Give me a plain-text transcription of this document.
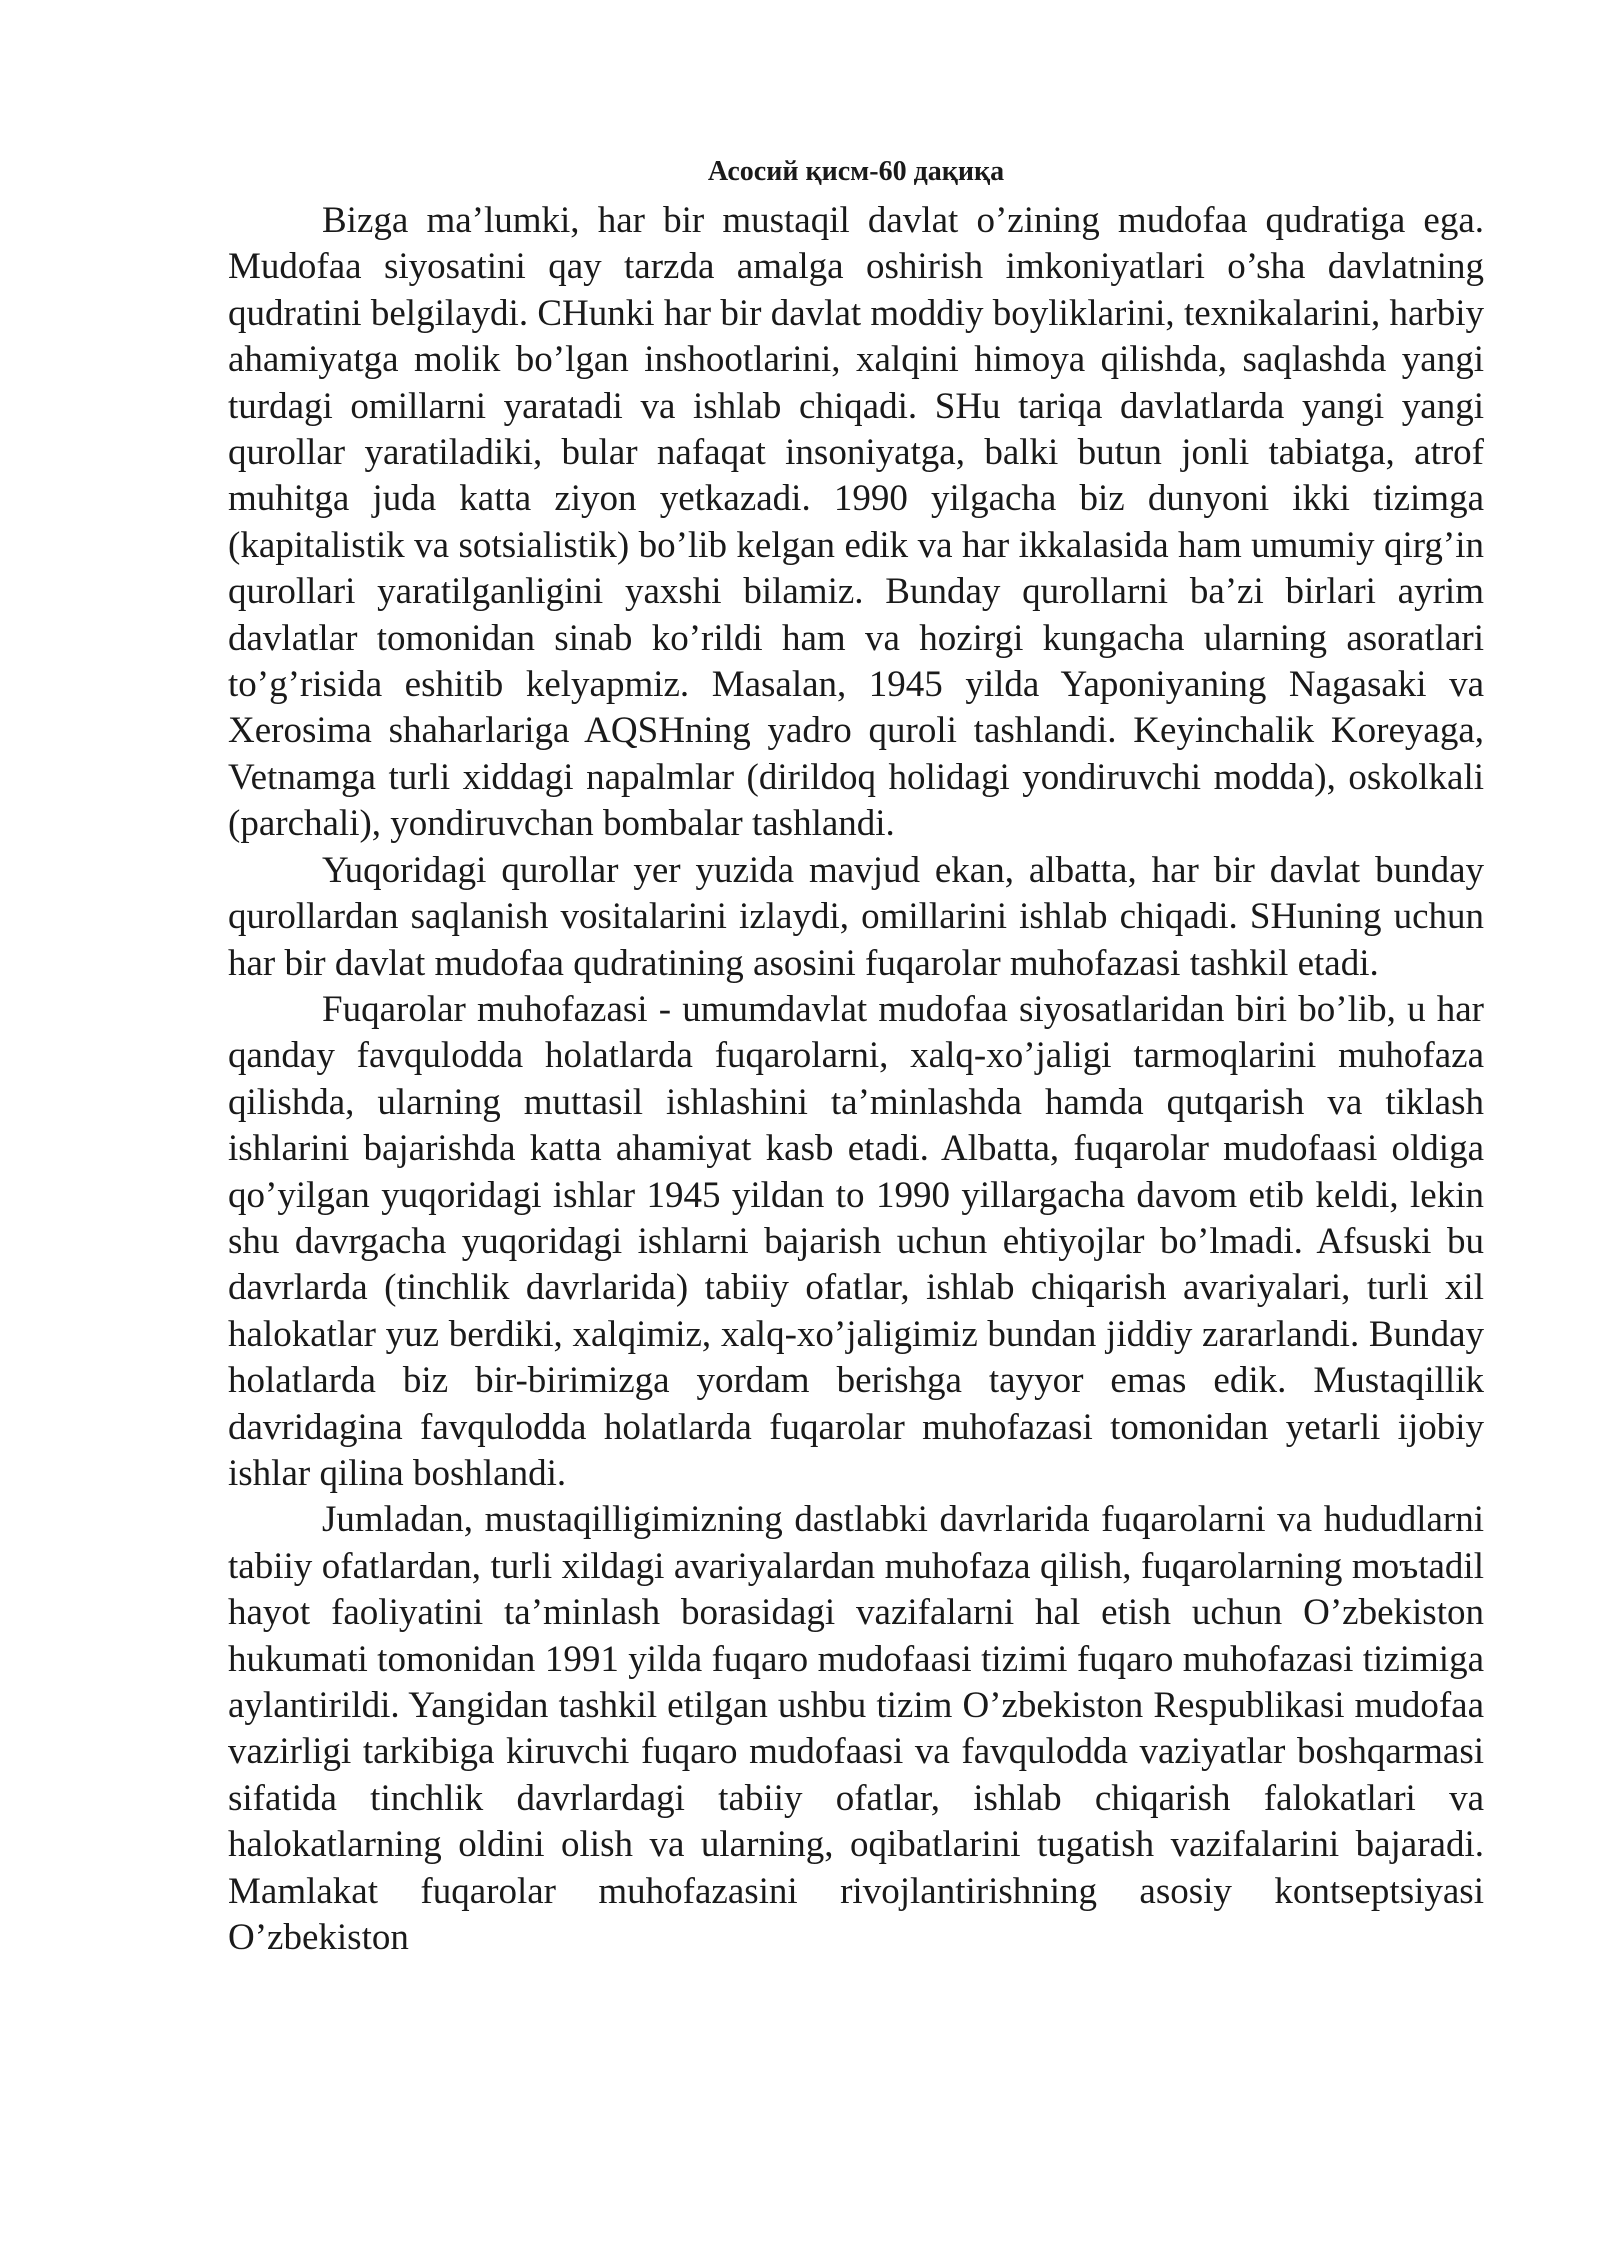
Асосий қисм-60 дақиқа

Bizga ma’lumki, har bir mustaqil davlat o’zining mudofaa qudratiga ega. Mudofaa siyosatini qay tarzda amalga oshirish imkoniyatlari o’sha davlatning qudratini belgilaydi. CHunki har bir davlat moddiy boyliklarini, texnikalarini, harbiy ahamiyatga molik bo’lgan inshootlarini, xalqini himoya qilishda, saqlashda yangi turdagi omillarni yaratadi va ishlab chiqadi. SHu tariqa davlatlarda yangi yangi qurollar yaratiladiki, bular nafaqat insoniyatga, balki butun jonli tabiatga, atrof muhitga juda katta ziyon yetkazadi. 1990 yilgacha biz dunyoni ikki tizimga (kapitalistik va sotsialistik) bo’lib kelgan edik va har ikkalasida ham umumiy qirg’in qurollari yaratilganligini yaxshi bilamiz. Bunday qurollarni ba’zi birlari ayrim davlatlar tomonidan sinab ko’rildi ham va hozirgi kungacha ularning asoratlari to’g’risida eshitib kelyapmiz. Masalan, 1945 yilda Yaponiyaning Nagasaki va Xerosima shaharlariga AQSHning yadro quroli tashlandi. Keyinchalik Koreyaga, Vetnamga turli xiddagi napalmlar (dirildoq holidagi yondiruvchi modda), oskolkali (parchali), yondiruvchan bombalar tashlandi.

Yuqoridagi qurollar yer yuzida mavjud ekan, albatta, har bir davlat bunday qurollardan saqlanish vositalarini izlaydi, omillarini ishlab chiqadi. SHuning uchun har bir davlat mudofaa qudratining asosini fuqarolar muhofazasi tashkil etadi.

Fuqarolar muhofazasi - umumdavlat mudofaa siyosatlaridan biri bo’lib, u har qanday favqulodda holatlarda fuqarolarni, xalq-xo’jaligi tarmoqlarini muhofaza qilishda, ularning muttasil ishlashini ta’minlashda hamda qutqarish va tiklash ishlarini bajarishda katta ahamiyat kasb etadi. Albatta, fuqarolar mudofaasi oldiga qo’yilgan yuqoridagi ishlar 1945 yildan to 1990 yillargacha davom etib keldi, lekin shu davrgacha yuqoridagi ishlarni bajarish uchun ehtiyojlar bo’lmadi. Afsuski bu davrlarda (tinchlik davrlarida) tabiiy ofatlar, ishlab chiqarish avariyalari, turli xil halokatlar yuz berdiki, xalqimiz, xalq-xo’jaligimiz bundan jiddiy zararlandi. Bunday holatlarda biz bir-birimizga yordam berishga tayyor emas edik. Mustaqillik davridagina favqulodda holatlarda fuqarolar muhofazasi tomonidan yetarli ijobiy ishlar qilina boshlandi.

Jumladan, mustaqilligimizning dastlabki davrlarida fuqarolarni va hududlarni tabiiy ofatlardan, turli xildagi avariyalardan muhofaza qilish, fuqarolarning moъtadil hayot faoliyatini ta’minlash borasidagi vazifalarni hal etish uchun O’zbekiston hukumati tomonidan 1991 yilda fuqaro mudofaasi tizimi fuqaro muhofazasi tizimiga aylantirildi. Yangidan tashkil etilgan ushbu tizim O’zbekiston Respublikasi mudofaa vazirligi tarkibiga kiruvchi fuqaro mudofaasi va favqulodda vaziyatlar boshqarmasi sifatida tinchlik davrlardagi tabiiy ofatlar, ishlab chiqarish falokatlari va halokatlarning oldini olish va ularning, oqibatlarini tugatish vazifalarini bajaradi. Mamlakat fuqarolar muhofazasini rivojlantirishning asosiy kontseptsiyasi O’zbekiston
